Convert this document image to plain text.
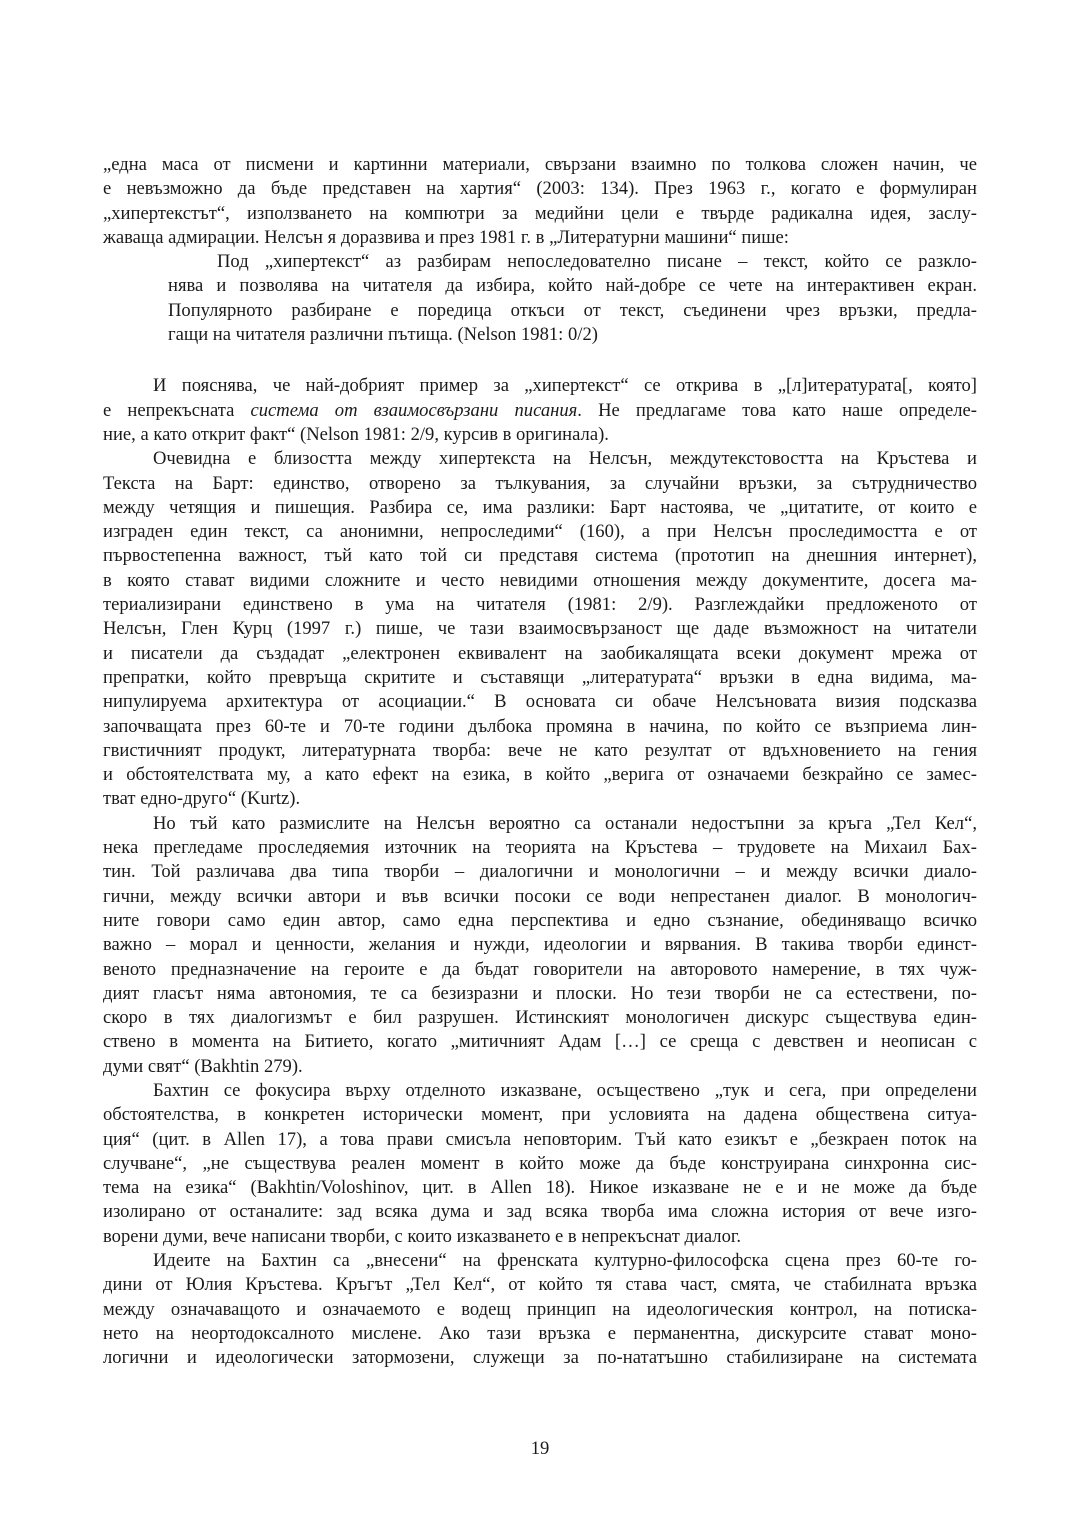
„една маса от писмени и картинни материали, свързани взаимно по толкова сложен начин, че
е невъзможно да бъде представен на хартия“ (2003: 134). През 1963 г., когато е формулиран
„хипертекстът“, използването на компютри за медийни цели е твърде радикална идея, заслу-
жаваща адмирации. Нелсън я доразвива и през 1981 г. в „Литературни машини“ пише:
Под „хипертекст“ аз разбирам непоследователно писане – текст, който се разкло-
нява и позволява на читателя да избира, който най-добре се чете на интерактивен екран.
Популярното разбиране е поредица откъси от текст, съединени чрез връзки, предла-
гащи на читателя различни пътища. (Nelson 1981: 0/2)
И пояснява, че най-добрият пример за „хипертекст“ се открива в „[л]итературата[, която]
е непрекъсната система от взаимосвързани писания. Не предлагаме това като наше определе-
ние, а като открит факт“ (Nelson 1981: 2/9, курсив в оригинала).
Очевидна е близостта между хипертекста на Нелсън, междутекстовостта на Кръстева и
Текста на Барт: единство, отворено за тълкувания, за случайни връзки, за сътрудничество
между четящия и пишещия. Разбира се, има разлики: Барт настоява, че „цитатите, от които е
изграден един текст, са анонимни, непроследими“ (160), а при Нелсън проследимостта е от
първостепенна важност, тъй като той си представя система (прототип на днешния интернет),
в която стават видими сложните и често невидими отношения между документите, досега ма-
териализирани единствено в ума на читателя (1981: 2/9). Разглеждайки предложеното от
Нелсън, Глен Курц (1997 г.) пише, че тази взаимосвързаност ще даде възможност на читатели
и писатели да създадат „електронен еквивалент на заобикалящата всеки документ мрежа от
препратки, който превръща скритите и съставящи „литературата“ връзки в една видима, ма-
нипулируема архитектура от асоциации.“ В основата си обаче Нелсъновата визия подсказва
започващата през 60-те и 70-те години дълбока промяна в начина, по който се възприема лин-
гвистичният продукт, литературната творба: вече не като резултат от вдъхновението на гения
и обстоятелствата му, а като ефект на езика, в който „верига от означаеми безкрайно се замес-
тват едно-другo“ (Kurtz).
Но тъй като размислите на Нелсън вероятно са останали недостъпни за кръга „Тел Кел“,
нека прегледаме проследяемия източник на теорията на Кръстева – трудовете на Михаил Бах-
тин. Той различава два типа творби – диалогични и монологични – и между всички диало-
гични, между всички автори и във всички посоки се води непрестанен диалог. В монологич-
ните говори само един автор, само една перспектива и едно съзнание, обединяващо всичко
важно – морал и ценности, желания и нужди, идеологии и вярвания. В такива творби единст-
веното предназначение на героите е да бъдат говорители на авторовото намерение, в тях чуж-
дият гласът няма автономия, те са безизразни и плоски. Но тези творби не са естествени, по-
скоро в тях диалогизмът е бил разрушен. Истинският монологичен дискурс съществува един-
ствено в момента на Битието, когато „митичният Адам […] се среща с девствен и неописан с
думи свят“ (Bakhtin 279).
Бахтин се фокусира върху отделното изказване, осъществено „тук и сега, при определени
обстоятелства, в конкретен исторически момент, при условията на дадена обществена ситуа-
ция“ (цит. в Allen 17), а това прави смисъла неповторим. Тъй като езикът е „безкраен поток на
случване“, „не съществува реален момент в който може да бъде конструирана синхронна сис-
тема на езика“ (Bakhtin/Voloshinov, цит. в Allen 18). Никое изказване не е и не може да бъде
изолирано от останалите: зад всяка дума и зад всяка творба има сложна история от вече изго-
ворени думи, вече написани творби, с които изказването е в непрекъснат диалог.
Идеите на Бахтин са „внесени“ на френската културно-философска сцена през 60-те го-
дини от Юлия Кръстева. Кръгът „Тел Кел“, от който тя става част, смята, че стабилната връзка
между означаващото и означаемото е водещ принцип на идеологическия контрол, на потиска-
нето на неортодоксалното мислене. Ако тази връзка е перманентна, дискурсите стават моно-
логични и идеологически затормозени, служещи за по-нататъшно стабилизиране на системата
19
